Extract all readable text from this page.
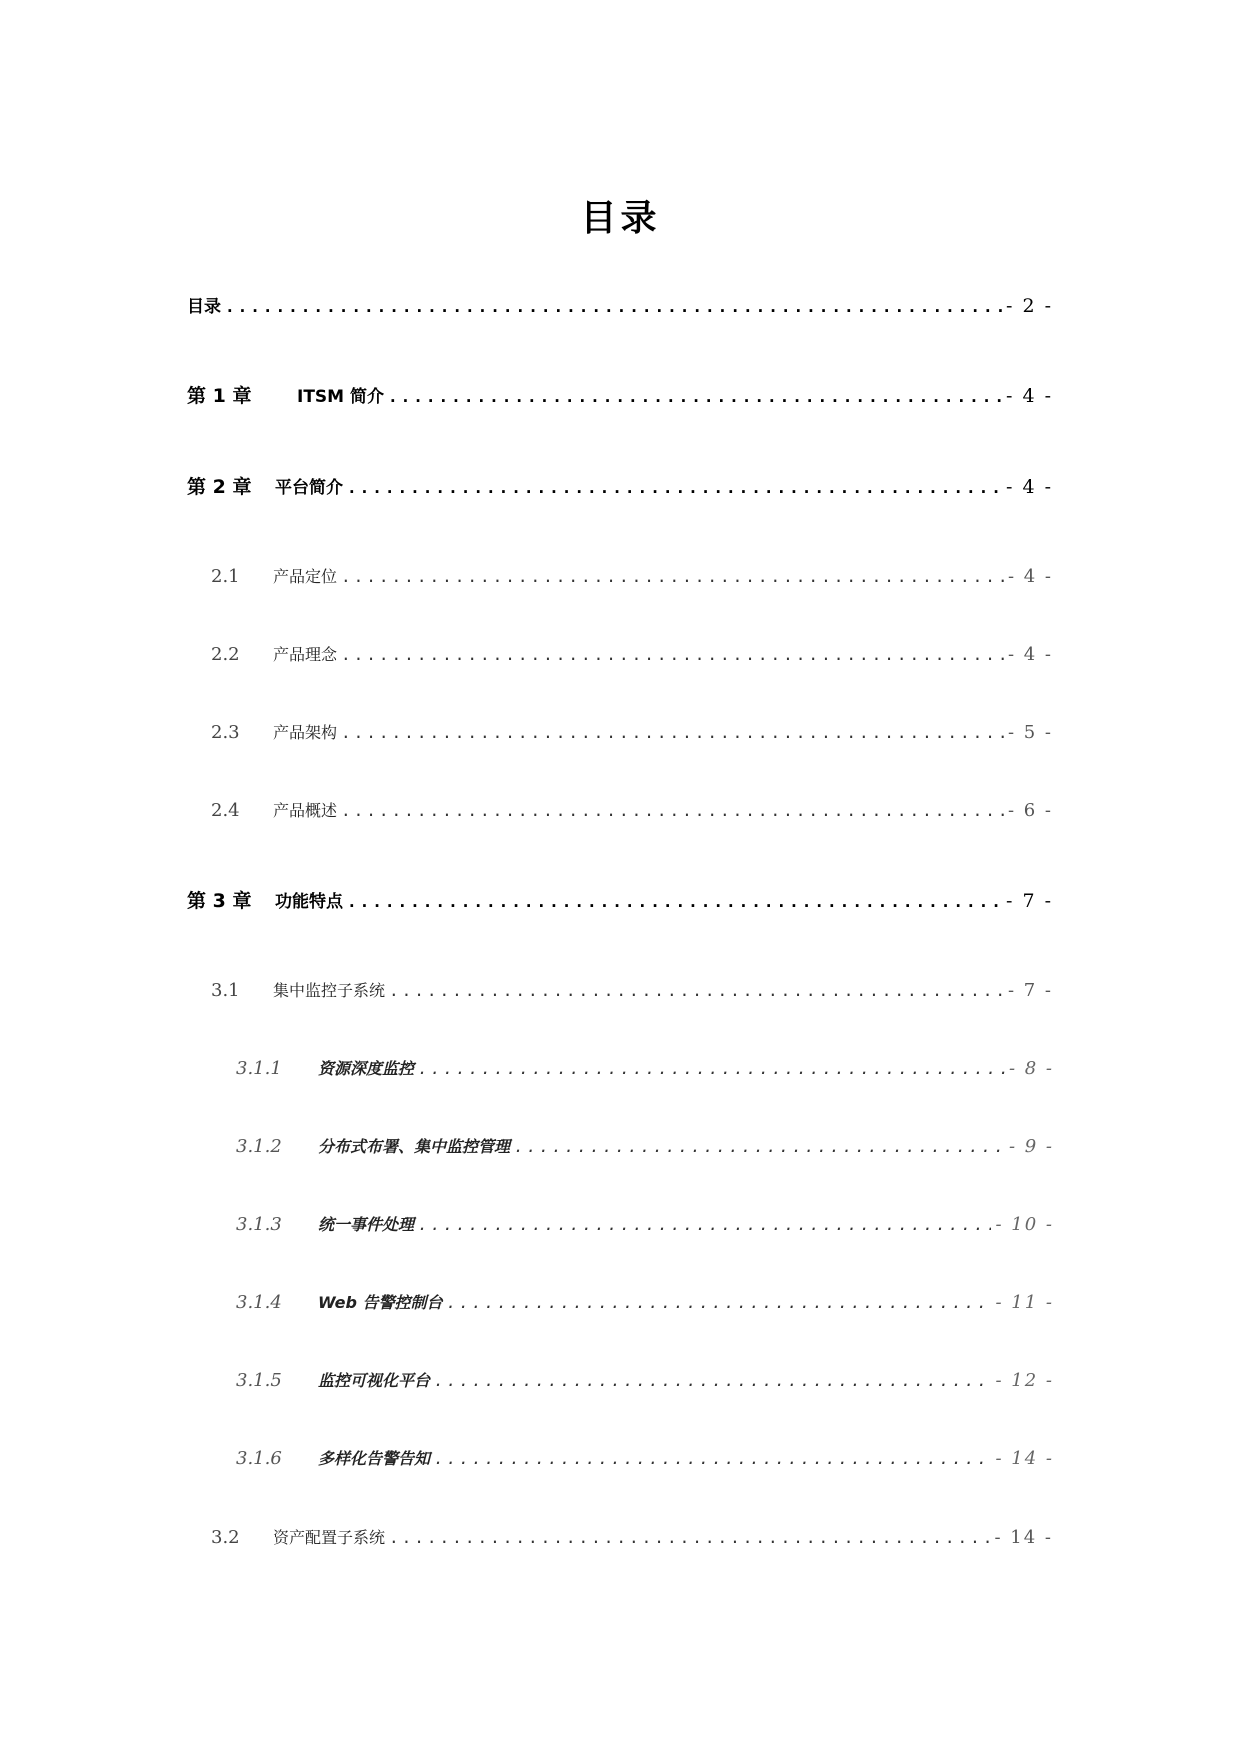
目录
目录 .....	- 2 -
第 1 章	ITSM 简介 .....	- 4 -
第 2 章	平台简介 .....	- 4 -
2.1	产品定位 .....	- 4 -
2.2	产品理念 .....	- 4 -
2.3	产品架构 .....	- 5 -
2.4	产品概述 .....	- 6 -
第 3 章	功能特点 .....	- 7 -
3.1	集中监控子系统 .....	- 7 -
3.1.1	资源深度监控 .....	- 8 -
3.1.2	分布式布署、集中监控管理 .....	- 9 -
3.1.3	统一事件处理 .....	- 10 -
3.1.4	Web 告警控制台 .....	- 11 -
3.1.5	监控可视化平台 .....	- 12 -
3.1.6	多样化告警告知 .....	- 14 -
3.2	资产配置子系统 .....	- 14 -
